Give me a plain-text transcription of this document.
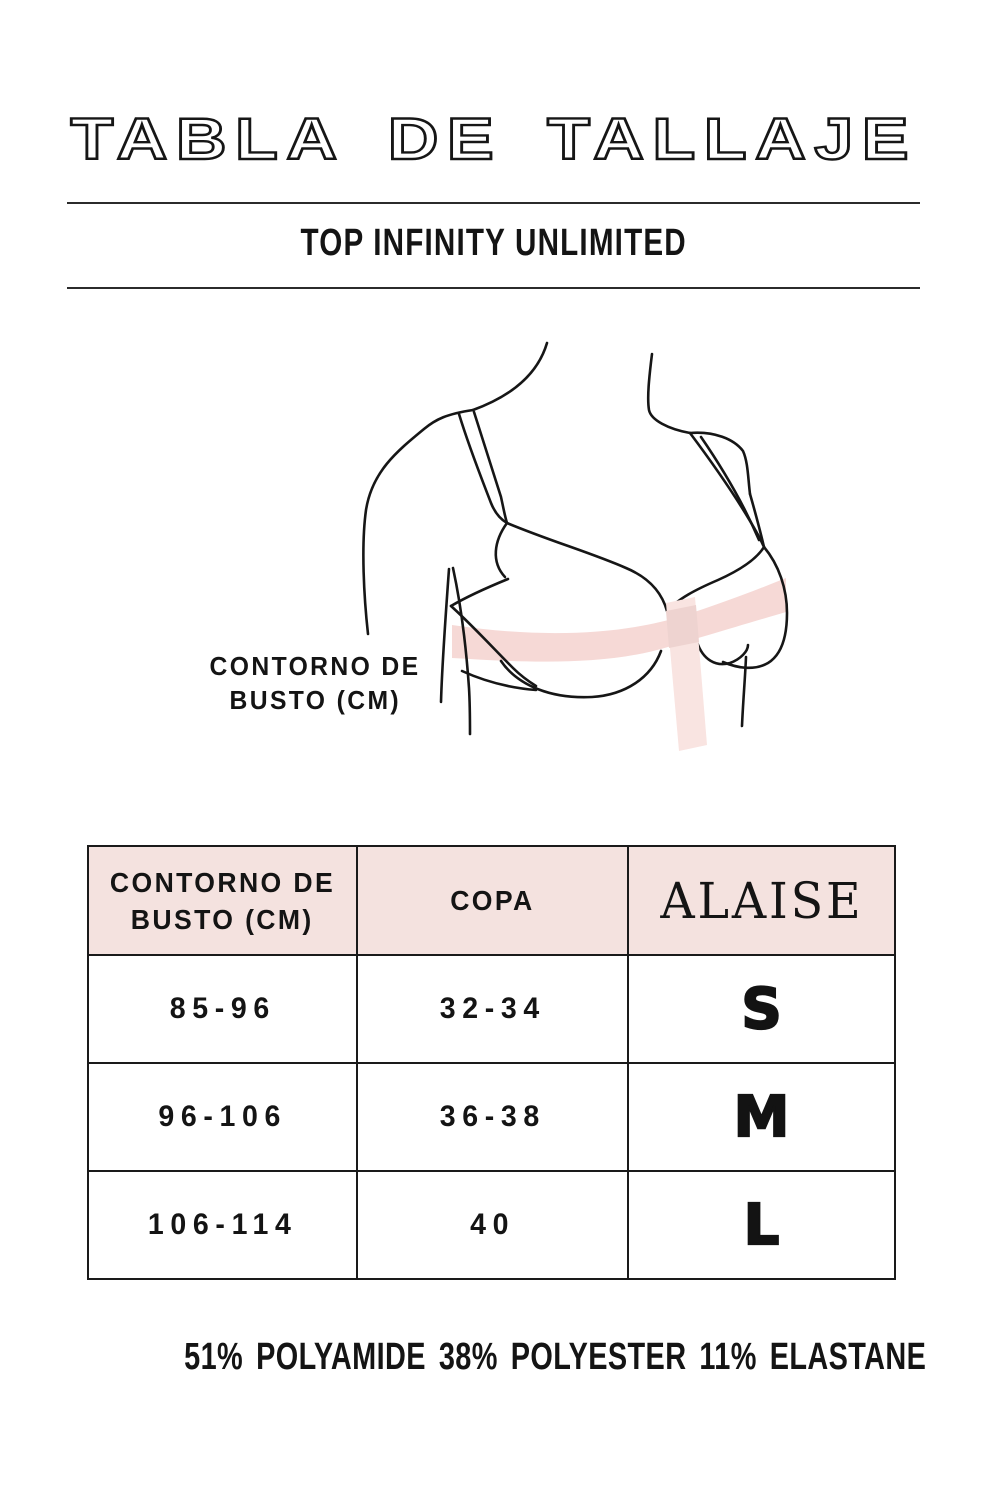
TABLA DE TALLAJE
TOP INFINITY UNLIMITED
CONTORNO DE
BUSTO (CM)
CONTORNO DE
BUSTO (CM)	COPA	ALAISE
85-96	32-34	S
96-106	36-38	M
106-114	40	L
51% POLYAMIDE 38% POLYESTER 11% ELASTANE
